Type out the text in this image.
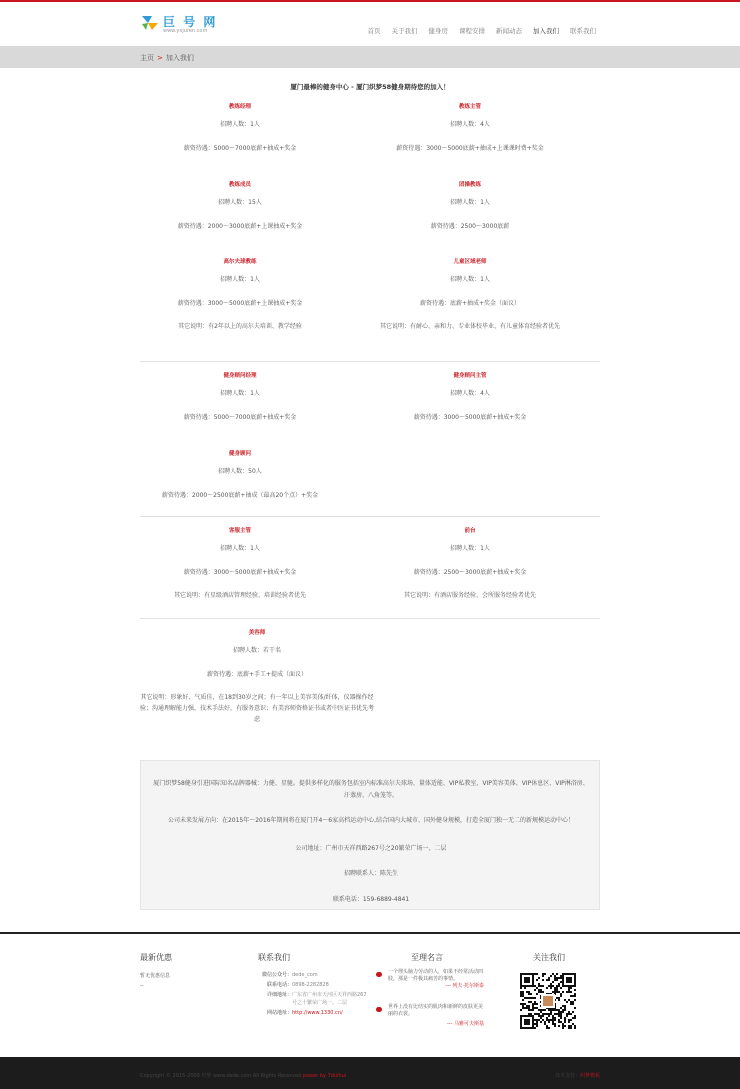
巨 号 网
www.yxjuren.com	首页 关于我们 健身房 课程安排 新闻动态 加入我们 联系我们
主页 > 加入我们
厦门最棒的健身中心 - 厦门织梦58健身期待您的加入！
教练经理
招聘人数：1人
薪资待遇：5000～7000底薪+抽成+奖金
教练主管
招聘人数：4人
薪资待遇：3000～5000底薪+抽成+上课课时费+奖金
教练成员
招聘人数：15人
薪资待遇：2000～3000底薪+上课抽成+奖金
团操教练
招聘人数：1人
薪资待遇：2500～3000底薪
高尔夫球教练
招聘人数：1人
薪资待遇：3000～5000底薪+上课抽成+奖金
其它说明：有2年以上的高尔夫培训、教学经验
儿童区域老师
招聘人数：1人
薪资待遇：底薪+抽成+奖金（面议）
其它说明：有耐心、亲和力、专业体校毕业、有儿童体育经验者优先
健身顾问经理
招聘人数：1人
薪资待遇：5000～7000底薪+抽成+奖金
健身顾问主管
招聘人数：4人
薪资待遇：3000～5000底薪+抽成+奖金
健身顾问
招聘人数：50人
薪资待遇：2000～2500底薪+抽成（最高20个点）+奖金
客服主管
招聘人数：1人
薪资待遇：3000～5000底薪+抽成+奖金
其它说明：有星级酒店管理经验、培训经验者优先
前台
招聘人数：1人
薪资待遇：2500～3000底薪+抽成+奖金
其它说明：有酒店服务经验、会所服务经验者优先
美容师
招聘人数：若干名
薪资待遇：底薪+手工+提成（面议）
其它说明：形象好，气质佳，在18到30岁之间；有一年以上美容美体/纤体，仪器操作经验；沟通理解能力强，技术手法好，有服务意识；有美容师资格证书或者中医证书优先考虑

厦门织梦58健身引进国际知名品牌器械：力健、星驰。提供多样化的服务包括室内标准高尔夫球场、量体适能、VIP私教室、VIP美容美体、VIP休息区、VIP淋浴房、汗蒸房、八角笼等。

公司未来发展方向：在2015年～2016年期间将在厦门开4～6家高档运动中心,结合国内大城市、国外健身规模，打造全厦门独一无二的新规模运动中心！

公司地址：广州市天祥西路267号之20繁荣广场一、二层

招聘联系人：陈先生

联系电话：159-6889-4841

最新优惠
暂无优惠信息
--
联系我们
微信公众号： dede_com
联系电话： 0898-2282828
详细地址： 广东省广州市天河区天祥西路267号之十繁荣广场一、二层
网站地址： http://www.1330.cn/
至理名言
一个埋头脑力劳动的人，如果不经常活动四肢，那是一件极其痛苦的事情。
--- 列夫·托尔斯泰
世界上没有比结实的肌肉和新鲜的皮肤更美丽的衣裳。
--- 马雅可夫斯基
关注我们
Copyright © 2015-2009 织梦 www.dede.com All Rights Reserved power by 7duihui	技术支持：织梦模板
